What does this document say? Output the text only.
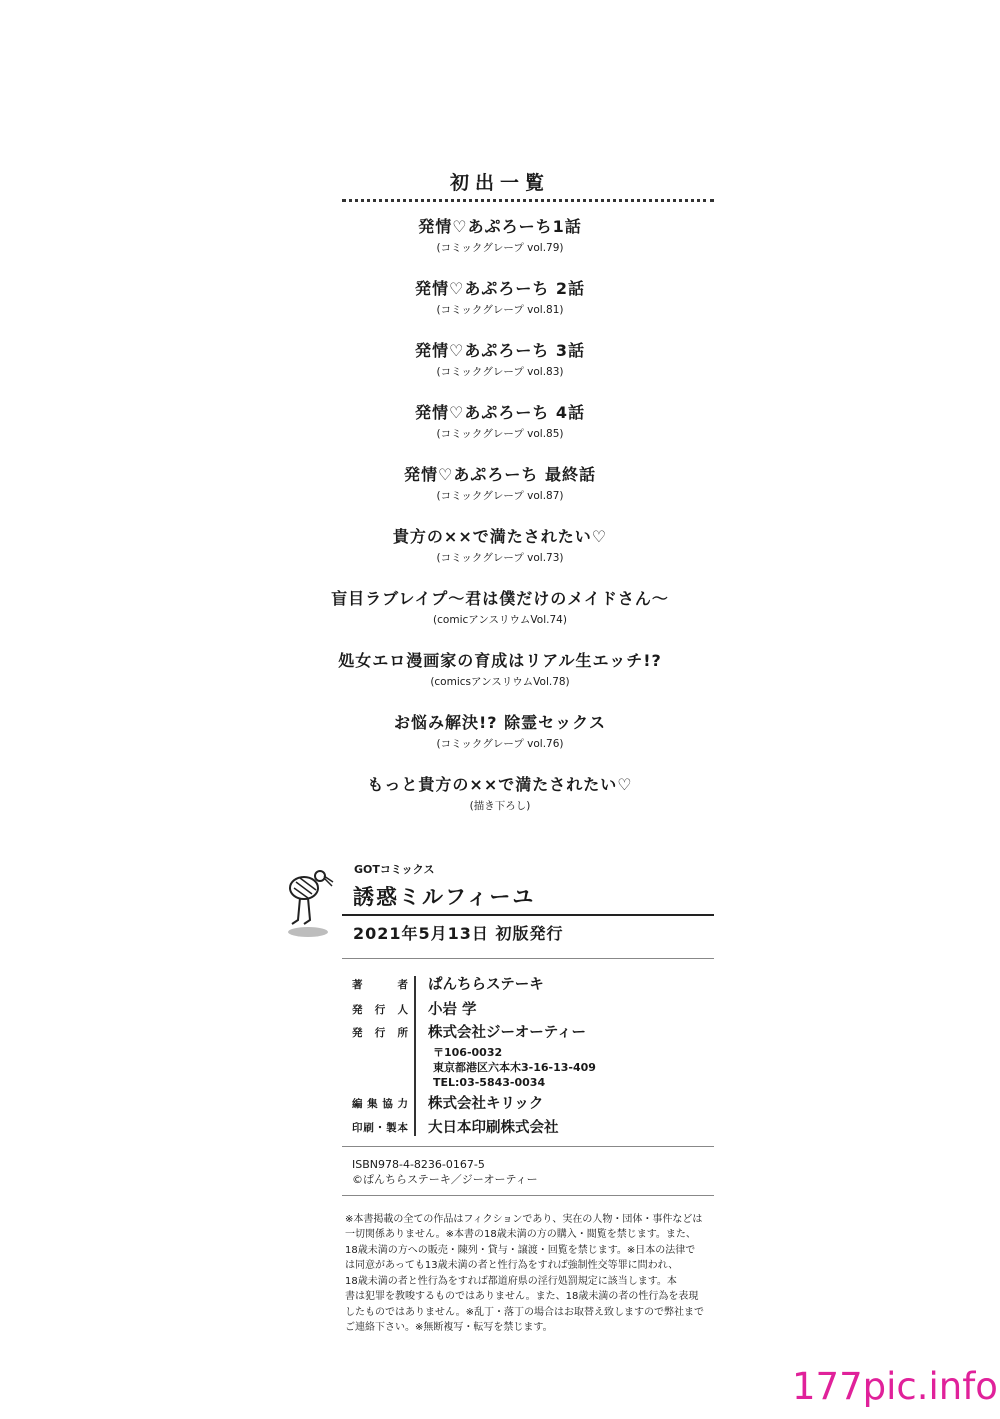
初出一覧
発情♡あぷろーち1話
(コミックグレープ vol.79)
発情♡あぷろーち 2話
(コミックグレープ vol.81)
発情♡あぷろーち 3話
(コミックグレープ vol.83)
発情♡あぷろーち 4話
(コミックグレープ vol.85)
発情♡あぷろーち 最終話
(コミックグレープ vol.87)
貴方の××で満たされたい♡
(コミックグレープ vol.73)
盲目ラブレイプ～君は僕だけのメイドさん～
(comicアンスリウムVol.74)
処女エロ漫画家の育成はリアル生エッチ!?
(comicsアンスリウムVol.78)
お悩み解決!? 除霊セックス
(コミックグレープ vol.76)
もっと貴方の××で満たされたい♡
(描き下ろし)
GOTコミックス
誘惑ミルフィーユ
2021年5月13日 初版発行
著者 ぱんちらステーキ
発行人 小岩 学
発行所 株式会社ジーオーティー
〒106-0032
東京都港区六本木3-16-13-409
TEL:03-5843-0034
編集協力 株式会社キリック
印刷・製本 大日本印刷株式会社
ISBN978-4-8236-0167-5
©ぱんちらステーキ／ジーオーティー
※本書掲載の全ての作品はフィクションであり、実在の人物・団体・事件などは
一切関係ありません。※本書の18歳未満の方の購入・閲覧を禁じます。また、
18歳未満の方への販売・陳列・貸与・譲渡・回覧を禁じます。※日本の法律で
は同意があっても13歳未満の者と性行為をすれば強制性交等罪に問われ、
18歳未満の者と性行為をすれば都道府県の淫行処罰規定に該当します。本
書は犯罪を教唆するものではありません。また、18歳未満の者の性行為を表現
したものではありません。※乱丁・落丁の場合はお取替え致しますので弊社まで
ご連絡下さい。※無断複写・転写を禁じます。
177pic.info
